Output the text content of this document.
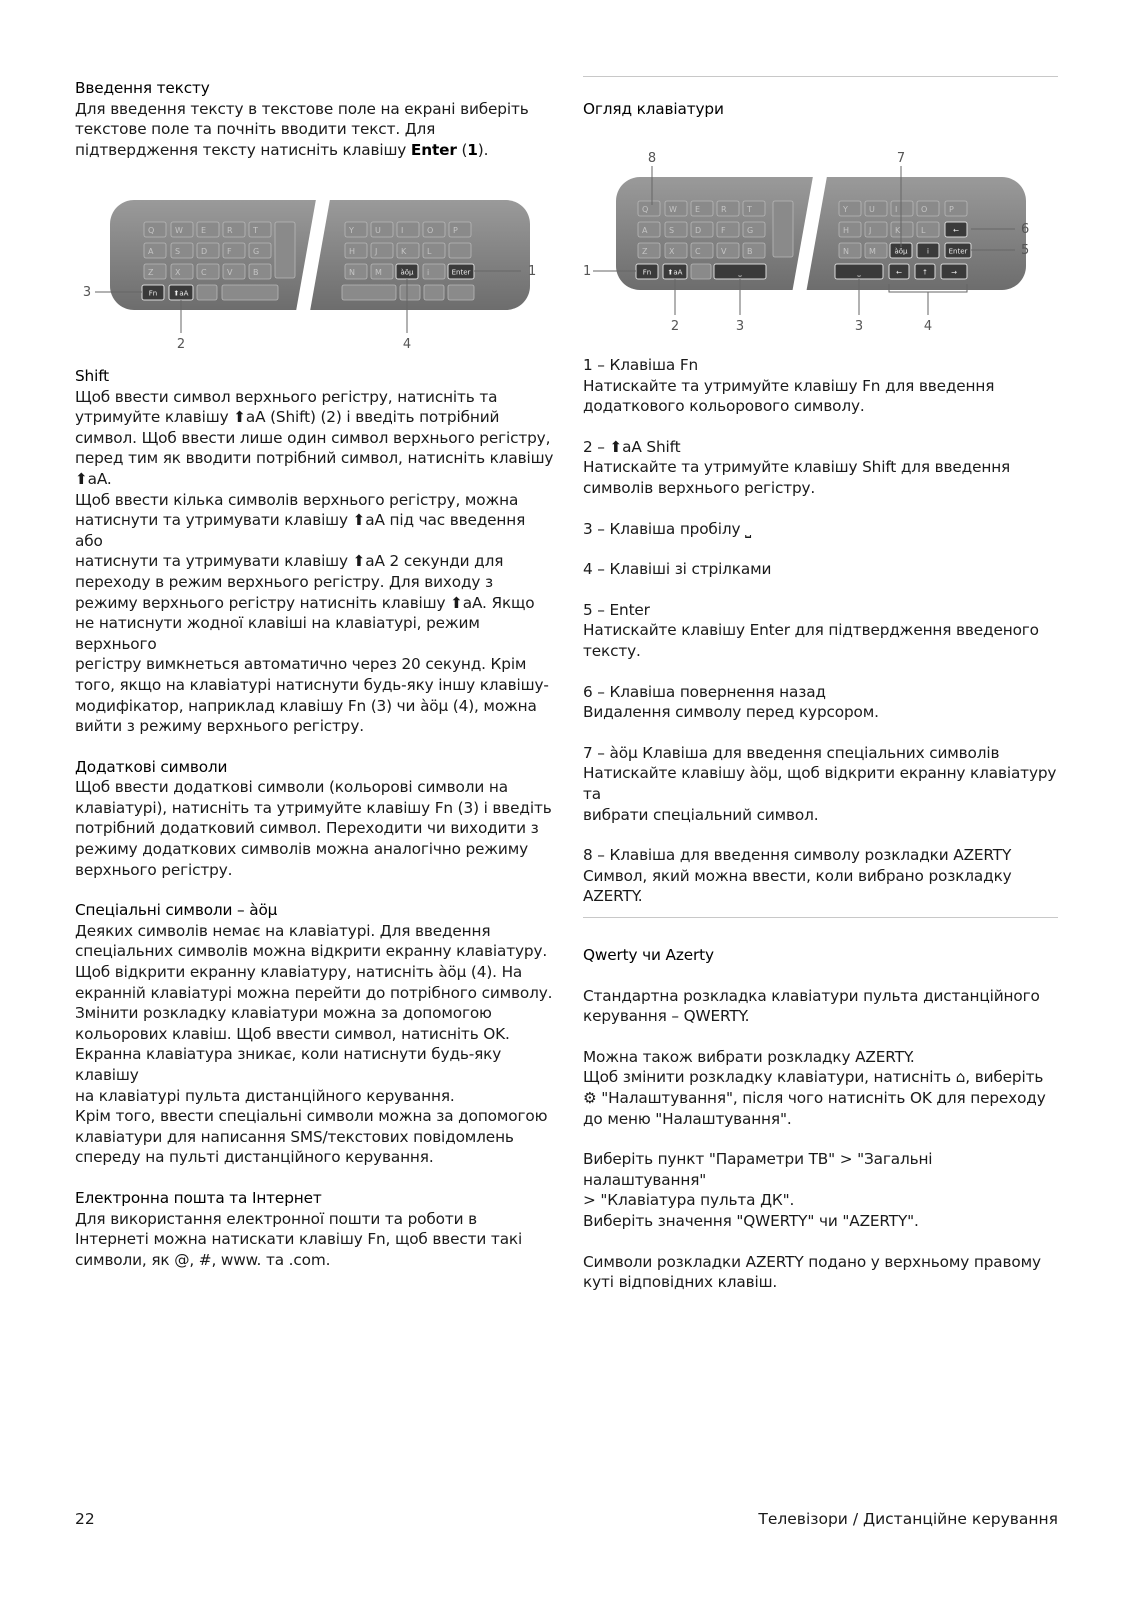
Введення тексту

Для введення тексту в текстове поле на екрані виберіть

текстове поле та почніть вводити текст. Для

підтвердження тексту натисніть клавішу Enter (1).

Q	W E	R	T	Y	U	I	O P
A	S	D F	G	H J	K	L
Z	X	C	V	B	N	M	àöµ i	Enter
Fn ⬆aA
3
2	4
1
Shift

Щоб ввести символ верхнього регістру, натисніть та

утримуйте клавішу ⬆aA (Shift) (2) і введіть потрібний

символ. Щоб ввести лише один символ верхнього регістру,

перед тим як вводити потрібний символ, натисніть клавішу

⬆aA.

Щоб ввести кілька символів верхнього регістру, можна

натиснути та утримувати клавішу ⬆aA під час введення або

натиснути та утримувати клавішу ⬆aA 2 секунди для

переходу в режим верхнього регістру. Для виходу з

режиму верхнього регістру натисніть клавішу ⬆aA. Якщо

не натиснути жодної клавіші на клавіатурі, режим верхнього

регістру вимкнеться автоматично через 20 секунд. Крім

того, якщо на клавіатурі натиснути будь-яку іншу клавішу-

модифікатор, наприклад клавішу Fn (3) чи àöµ (4), можна

вийти з режиму верхнього регістру.

Додаткові символи

Щоб ввести додаткові символи (кольорові символи на

клавіатурі), натисніть та утримуйте клавішу Fn (3) і введіть

потрібний додатковий символ. Переходити чи виходити з

режиму додаткових символів можна аналогічно режиму

верхнього регістру.

Спеціальні символи – àöµ

Деяких символів немає на клавіатурі. Для введення

спеціальних символів можна відкрити екранну клавіатуру.

Щоб відкрити екранну клавіатуру, натисніть àöµ (4). На

екранній клавіатурі можна перейти до потрібного символу.

Змінити розкладку клавіатури можна за допомогою

кольорових клавіш. Щоб ввести символ, натисніть OK.

Екранна клавіатура зникає, коли натиснути будь-яку клавішу

на клавіатурі пульта дистанційного керування.

Крім того, ввести спеціальні символи можна за допомогою

клавіатури для написання SMS/текстових повідомлень

спереду на пульті дистанційного керування.

Електронна пошта та Інтернет

Для використання електронної пошти та роботи в

Інтернеті можна натискати клавішу Fn, щоб ввести такі

символи, як @, #, www. та .com.

Огляд клавіатури
Q	W E	R	T	Y	U	I	O	P
A	S	D F	G	H J	K	L	←
Z	X	C	V	B	N	M	àöµ	i	Enter
Fn ⬆aA	⎵	⎵	←	↑	→
8	7
6
5
1
2	3	3	4

1 – Клавіша Fn

Натискайте та утримуйте клавішу Fn для введення

додаткового кольорового символу.

2 – ⬆aA Shift

Натискайте та утримуйте клавішу Shift для введення

символів верхнього регістру.

3 – Клавіша пробілу ⎵

4 – Клавіші зі стрілками

5 – Enter

Натискайте клавішу Enter для підтвердження введеного

тексту.

6 – Клавіша повернення назад

Видалення символу перед курсором.

7 – àöµ Клавіша для введення спеціальних символів

Натискайте клавішу àöµ, щоб відкрити екранну клавіатуру та

вибрати спеціальний символ.

8 – Клавіша для введення символу розкладки AZERTY

Символ, який можна ввести, коли вибрано розкладку

AZERTY.

Qwerty чи Azerty

Стандартна розкладка клавіатури пульта дистанційного

керування – QWERTY.

Можна також вибрати розкладку AZERTY.

Щоб змінити розкладку клавіатури, натисніть ⌂, виберіть

⚙ "Налаштування", після чого натисніть OK для переходу

до меню "Налаштування".

Виберіть пункт "Параметри ТВ" > "Загальні налаштування"

> "Клавіатура пульта ДК".

Виберіть значення "QWERTY" чи "AZERTY".

Символи розкладки AZERTY подано у верхньому правому

куті відповідних клавіш.

22	Телевізори / Дистанційне керування
